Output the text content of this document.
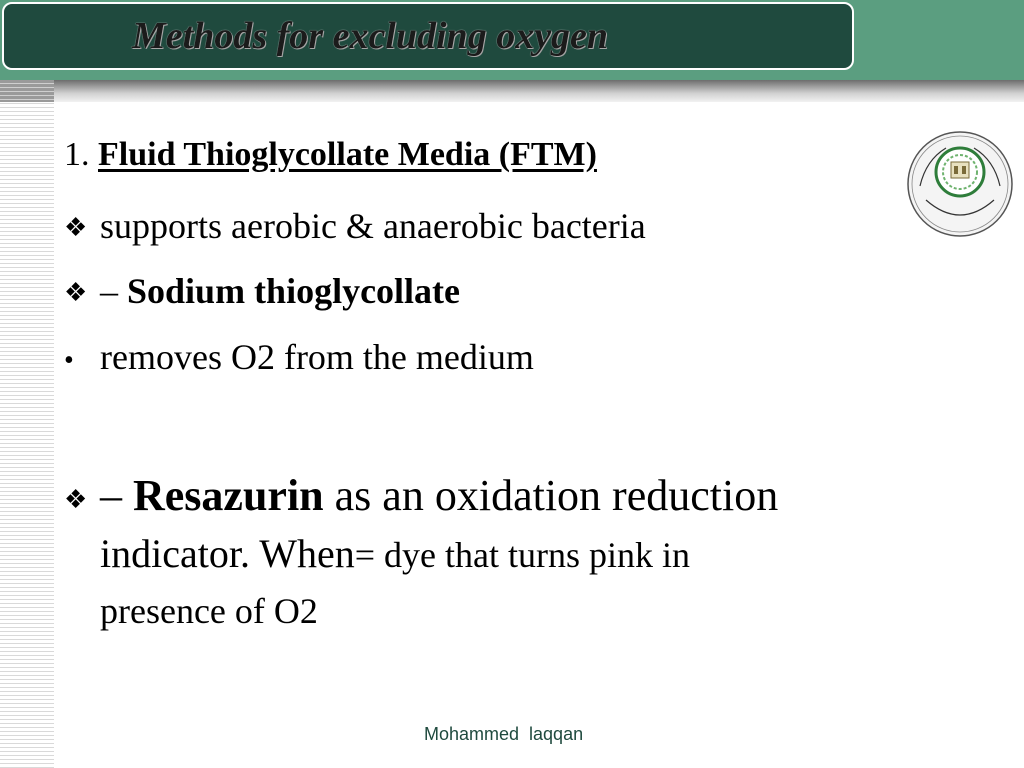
Methods for excluding oxygen
1. Fluid Thioglycollate Media (FTM)
❖ supports aerobic & anaerobic bacteria
❖ – Sodium thioglycollate
• removes O2 from the medium
❖ – Resazurin as an oxidation reduction
indicator. When= dye that turns pink in
presence of O2
Mohammed  laqqan
